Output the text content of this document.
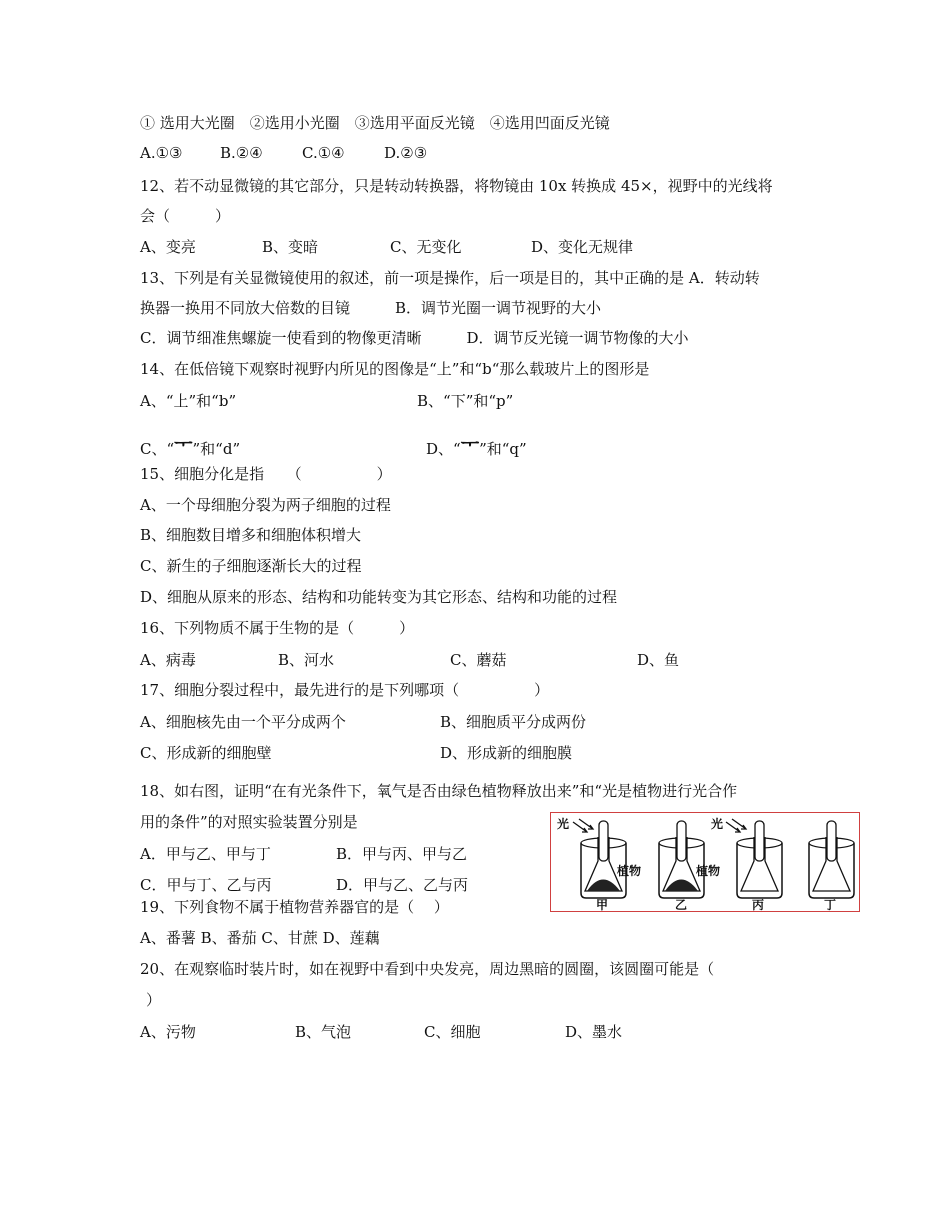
① 选用大光圈　②选用小光圈　③选用平面反光镜　④选用凹面反光镜
A.①③	B.②④	C.①④	D.②③
12、若不动显微镜的其它部分，只是转动转换器，将物镜由 10x 转换成 45×，视野中的光线将
会（　　　）
A、变亮	B、变暗	C、无变化	D、变化无规律
13、下列是有关显微镜使用的叙述，前一项是操作，后一项是目的，其中正确的是 A．转动转
换器一换用不同放大倍数的目镜　　　B．调节光圈一调节视野的大小
C．调节细准焦螺旋一使看到的物像更清晰　　　D．调节反光镜一调节物像的大小
14、在低倍镜下观察时视野内所见的图像是“上”和“b“那么载玻片上的图形是
A、“上”和“b”	B、“下”和“p”
C、“ᅮ”和“d”	D、“ᅮ”和“q”
15、细胞分化是指　　（　　　　　）
A、一个母细胞分裂为两子细胞的过程
B、细胞数目增多和细胞体积增大
C、新生的子细胞逐渐长大的过程
D、细胞从原来的形态、结构和功能转变为其它形态、结构和功能的过程
16、下列物质不属于生物的是（　　　）
A、病毒	B、河水	C、蘑菇	D、鱼
17、细胞分裂过程中，最先进行的是下列哪项（　　　　　）
A、细胞核先由一个平分成两个	B、细胞质平分成两份
C、形成新的细胞壁	D、形成新的细胞膜
18、如右图，证明“在有光条件下，氧气是否由绿色植物释放出来”和“光是植物进行光合作
用的条件”的对照实验装置分别是
A．甲与乙、甲与丁	B．甲与丙、甲与乙
C．甲与丁、乙与丙	D．甲与乙、乙与丙
光
植物
甲
植物
乙
光
丙	丁
19、下列食物不属于植物营养器官的是（　 ）
A、番薯 B、番茄 C、甘蔗 D、莲藕
20、在观察临时装片时，如在视野中看到中央发亮，周边黑暗的圆圈，该圆圈可能是（
）
A、污物	B、气泡	C、细胞	D、墨水
